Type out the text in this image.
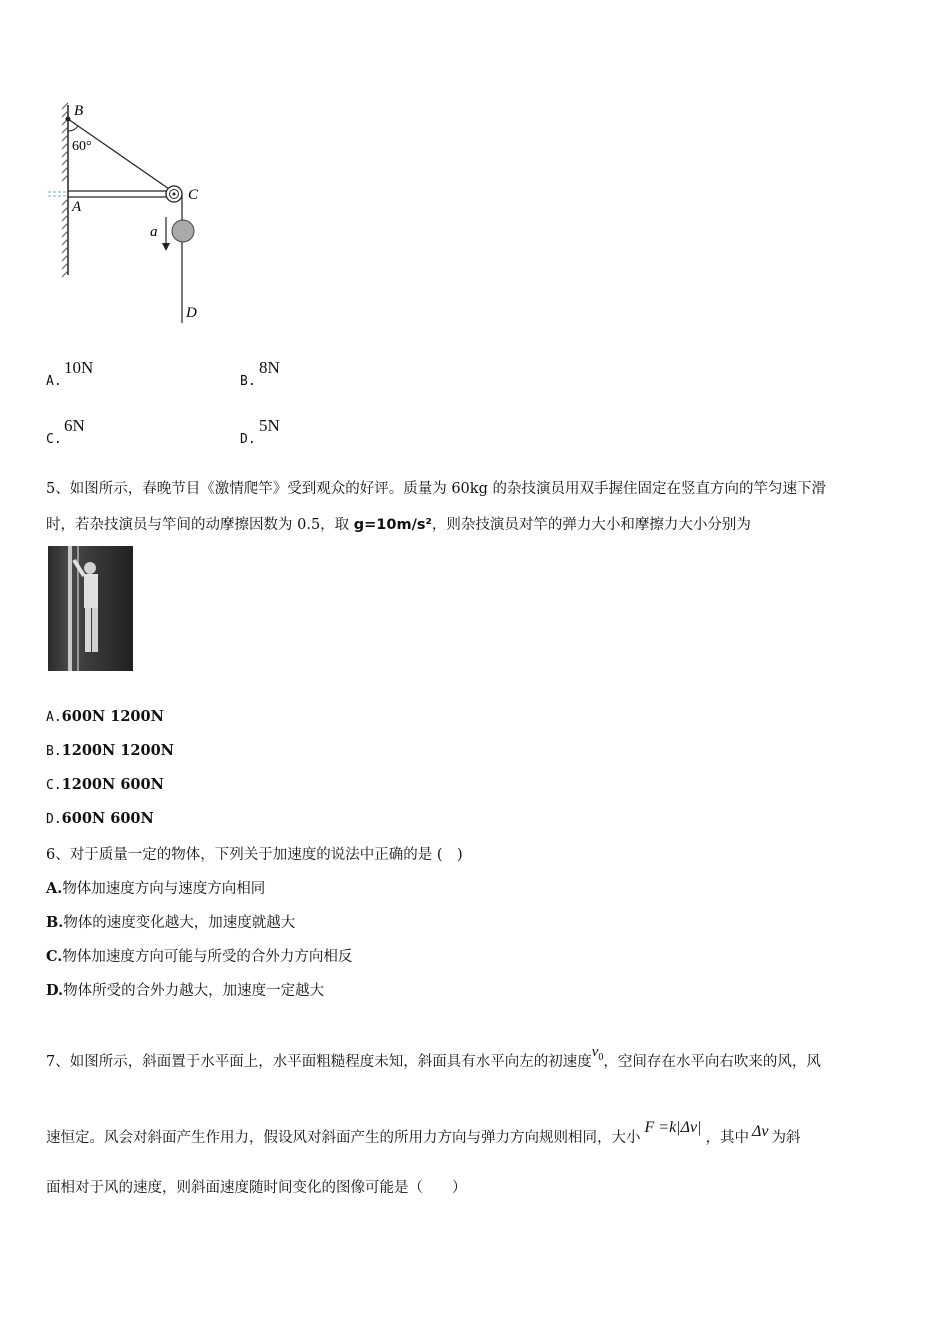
B
60°
A
C
a
D
A.
10N
B.
8N
C.
6N
D.
5N
5、如图所示，春晚节目《激情爬竿》受到观众的好评。质量为 60kg 的杂技演员用双手握住固定在竖直方向的竿匀速下滑
时，若杂技演员与竿间的动摩擦因数为 0.5，取 g=10m/s²，则杂技演员对竿的弹力大小和摩擦力大小分别为
A.600N 1200N
B.1200N 1200N
C.1200N 600N
D.600N 600N
6、对于质量一定的物体，下列关于加速度的说法中正确的是 (　)
A.物体加速度方向与速度方向相同
B.物体的速度变化越大，加速度就越大
C.物体加速度方向可能与所受的合外力方向相反
D.物体所受的合外力越大，加速度一定越大
7、如图所示，斜面置于水平面上，水平面粗糙程度未知，斜面具有水平向左的初速度$v_0$，空间存在水平向右吹来的风，风
速恒定。风会对斜面产生作用力，假设风对斜面产生的所用力方向与弹力方向规则相同，大小F =k|Δv|，其中 Δv 为斜
面相对于风的速度，则斜面速度随时间变化的图像可能是（　　）
